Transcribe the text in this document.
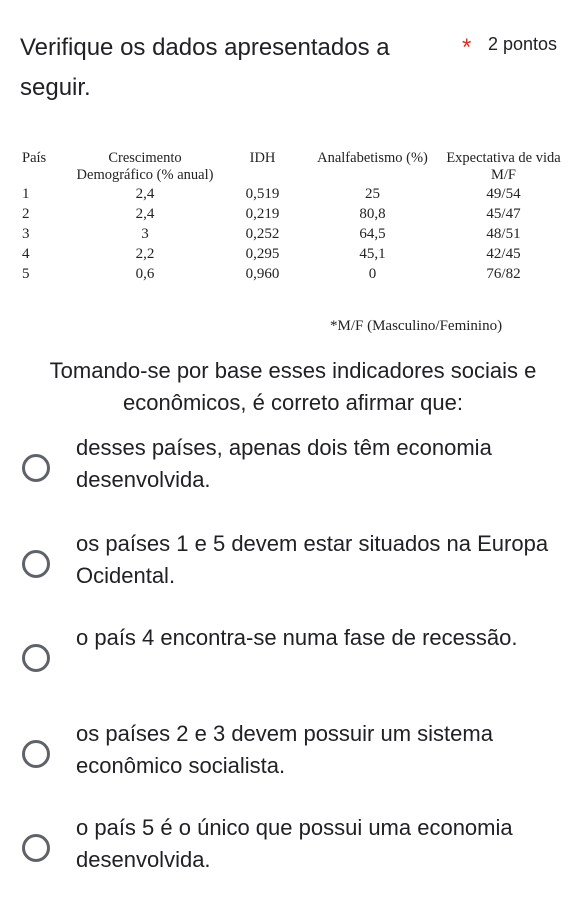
Verifique os dados apresentados a seguir.
* 2 pontos
País	Crescimento Demográfico (% anual)	IDH	Analfabetismo (%)	Expectativa de vida M/F
1	2,4	0,519	25	49/54
2	2,4	0,219	80,8	45/47
3	3	0,252	64,5	48/51
4	2,2	0,295	45,1	42/45
5	0,6	0,960	0	76/82
*M/F (Masculino/Feminino)
Tomando-se por base esses indicadores sociais e econômicos, é correto afirmar que:
desses países, apenas dois têm economia desenvolvida.
os países 1 e 5 devem estar situados na Europa Ocidental.
o país 4 encontra-se numa fase de recessão.
os países 2 e 3 devem possuir um sistema econômico socialista.
o país 5 é o único que possui uma economia desenvolvida.
